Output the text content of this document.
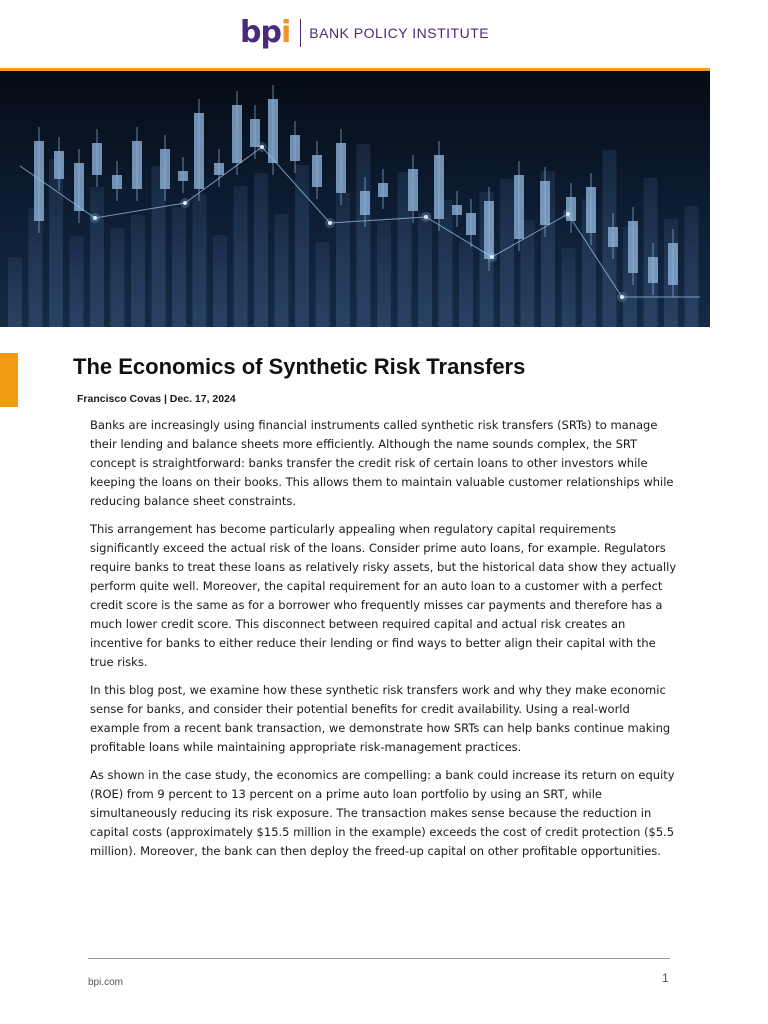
bpi BANK POLICY INSTITUTE
The Economics of Synthetic Risk Transfers
Francisco Covas | Dec. 17, 2024

Banks are increasingly using financial instruments called synthetic risk transfers (SRTs) to manage their lending and balance sheets more efficiently. Although the name sounds complex, the SRT concept is straightforward: banks transfer the credit risk of certain loans to other investors while keeping the loans on their books. This allows them to maintain valuable customer relationships while reducing balance sheet constraints.

This arrangement has become particularly appealing when regulatory capital requirements significantly exceed the actual risk of the loans. Consider prime auto loans, for example. Regulators require banks to treat these loans as relatively risky assets, but the historical data show they actually perform quite well. Moreover, the capital requirement for an auto loan to a customer with a perfect credit score is the same as for a borrower who frequently misses car payments and therefore has a much lower credit score. This disconnect between required capital and actual risk creates an incentive for banks to either reduce their lending or find ways to better align their capital with the true risks.

In this blog post, we examine how these synthetic risk transfers work and why they make economic sense for banks, and consider their potential benefits for credit availability. Using a real-world example from a recent bank transaction, we demonstrate how SRTs can help banks continue making profitable loans while maintaining appropriate risk-management practices.

As shown in the case study, the economics are compelling: a bank could increase its return on equity (ROE) from 9 percent to 13 percent on a prime auto loan portfolio by using an SRT, while simultaneously reducing its risk exposure. The transaction makes sense because the reduction in capital costs (approximately $15.5 million in the example) exceeds the cost of credit protection ($5.5 million). Moreover, the bank can then deploy the freed-up capital on other profitable opportunities.

bpi.com	1
